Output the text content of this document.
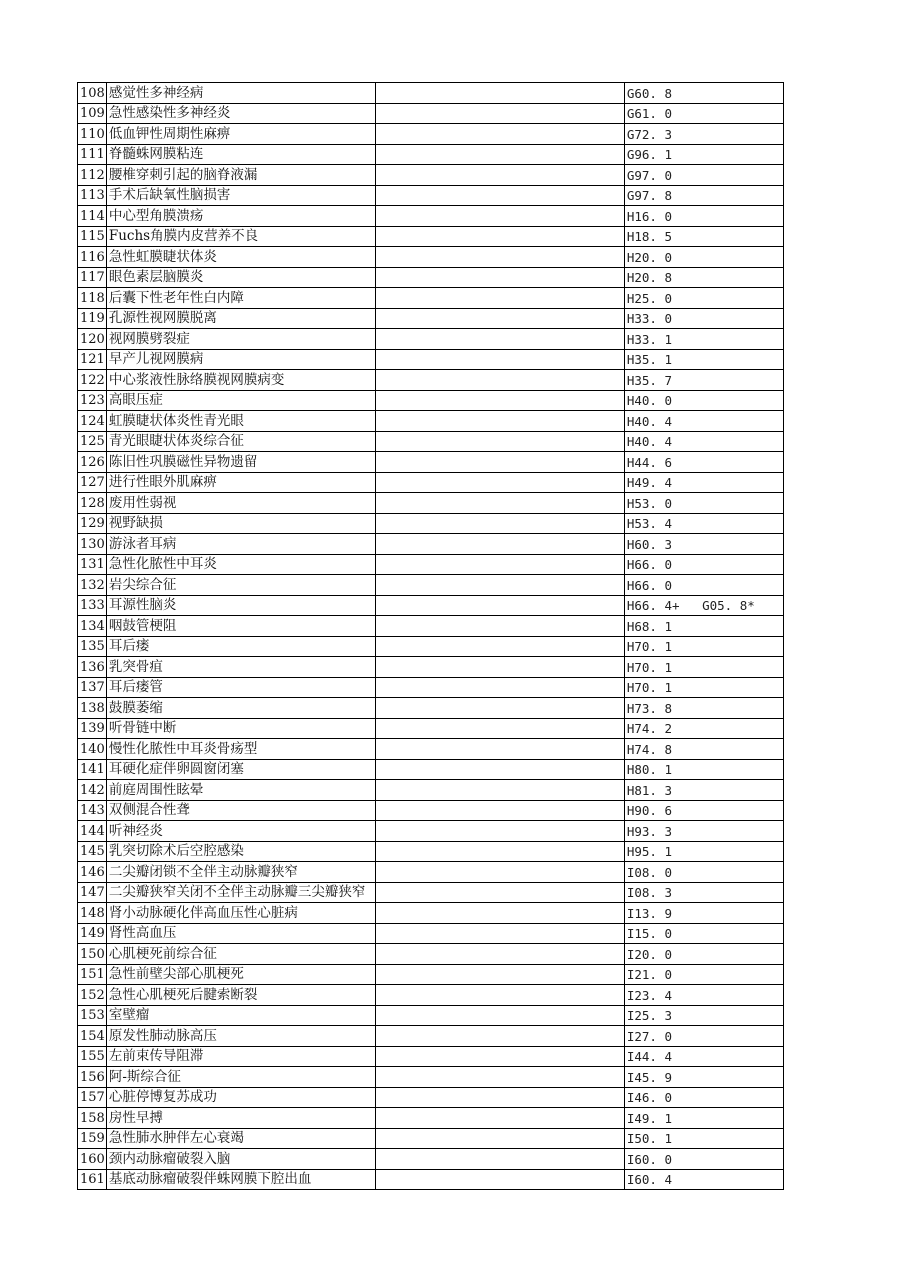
108	感觉性多神经病		G60. 8
109	急性感染性多神经炎		G61. 0
110	低血钾性周期性麻痹		G72. 3
111	脊髓蛛网膜粘连		G96. 1
112	腰椎穿刺引起的脑脊液漏		G97. 0
113	手术后缺氧性脑损害		G97. 8
114	中心型角膜溃疡		H16. 0
115	Fuchs角膜内皮营养不良		H18. 5
116	急性虹膜睫状体炎		H20. 0
117	眼色素层脑膜炎		H20. 8
118	后囊下性老年性白内障		H25. 0
119	孔源性视网膜脱离		H33. 0
120	视网膜劈裂症		H33. 1
121	早产儿视网膜病		H35. 1
122	中心浆液性脉络膜视网膜病变		H35. 7
123	高眼压症		H40. 0
124	虹膜睫状体炎性青光眼		H40. 4
125	青光眼睫状体炎综合征		H40. 4
126	陈旧性巩膜磁性异物遗留		H44. 6
127	进行性眼外肌麻痹		H49. 4
128	废用性弱视		H53. 0
129	视野缺损		H53. 4
130	游泳者耳病		H60. 3
131	急性化脓性中耳炎		H66. 0
132	岩尖综合征		H66. 0
133	耳源性脑炎		H66. 4+   G05. 8*
134	咽鼓管梗阻		H68. 1
135	耳后瘘		H70. 1
136	乳突骨疽		H70. 1
137	耳后瘘管		H70. 1
138	鼓膜萎缩		H73. 8
139	听骨链中断		H74. 2
140	慢性化脓性中耳炎骨疡型		H74. 8
141	耳硬化症伴卵圆窗闭塞		H80. 1
142	前庭周围性眩晕		H81. 3
143	双侧混合性聋		H90. 6
144	听神经炎		H93. 3
145	乳突切除术后空腔感染		H95. 1
146	二尖瓣闭锁不全伴主动脉瓣狭窄		I08. 0
147	二尖瓣狭窄关闭不全伴主动脉瓣三尖瓣狭窄		I08. 3
148	肾小动脉硬化伴高血压性心脏病		I13. 9
149	肾性高血压		I15. 0
150	心肌梗死前综合征		I20. 0
151	急性前壁尖部心肌梗死		I21. 0
152	急性心肌梗死后腱索断裂		I23. 4
153	室壁瘤		I25. 3
154	原发性肺动脉高压		I27. 0
155	左前束传导阻滞		I44. 4
156	阿-斯综合征		I45. 9
157	心脏停博复苏成功		I46. 0
158	房性早搏		I49. 1
159	急性肺水肿伴左心衰竭		I50. 1
160	颈内动脉瘤破裂入脑		I60. 0
161	基底动脉瘤破裂伴蛛网膜下腔出血		I60. 4
